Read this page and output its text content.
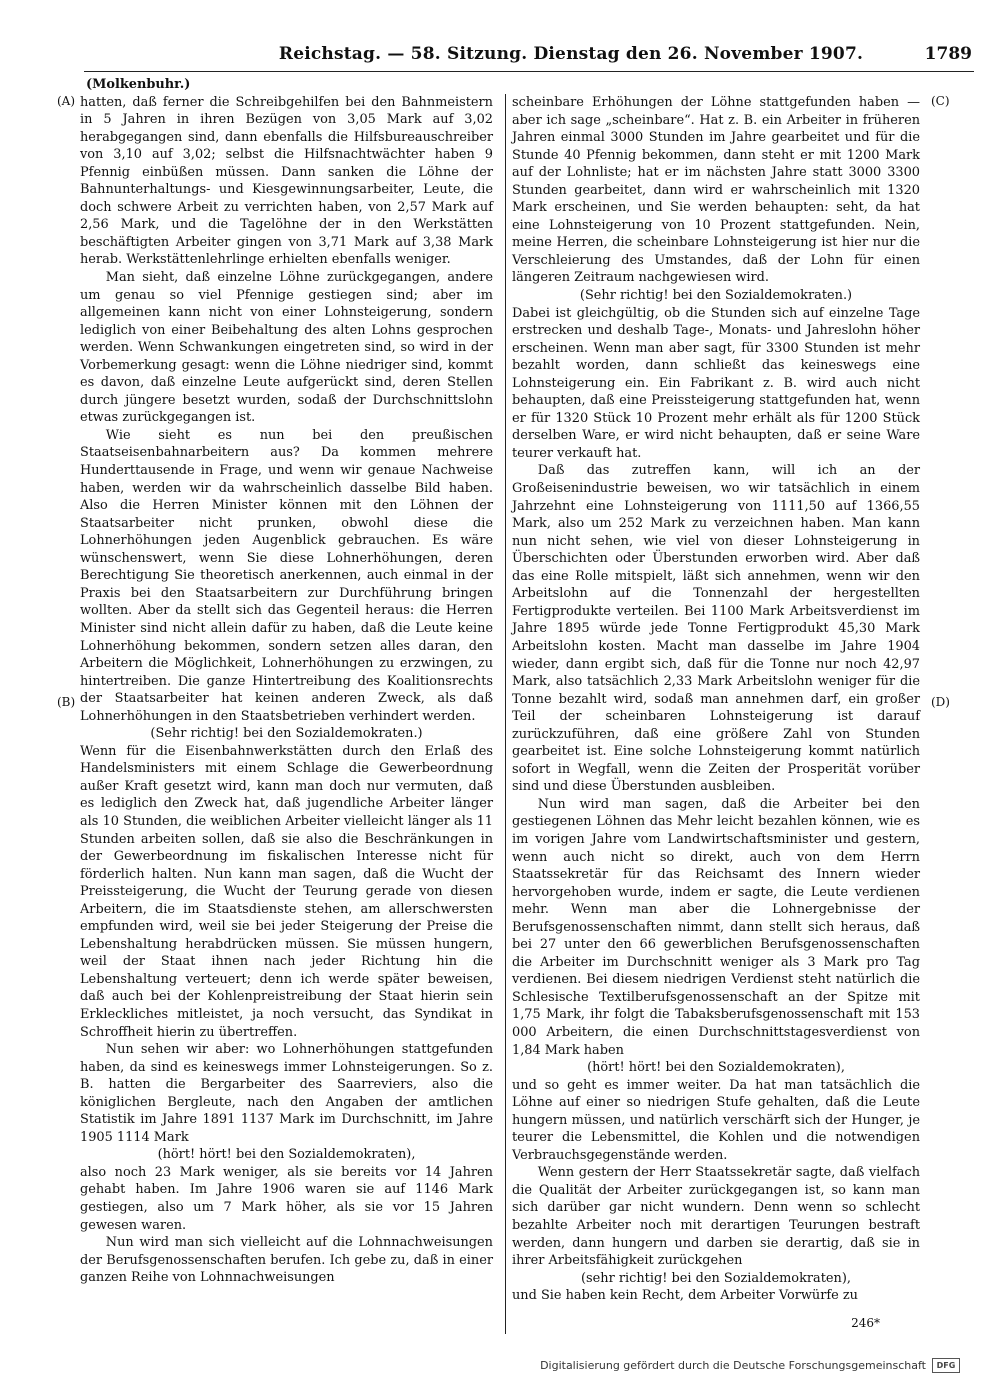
Reichstag. — 58. Sitzung. Dienstag den 26. November 1907.	1789
(A)
(B)
(C)
(D)

(Molkenbuhr.)

hatten, daß ferner die Schreibgehilfen bei den Bahnmeistern in 5 Jahren in ihren Bezügen von 3,05 Mark auf 3,02 herabgegangen sind, dann ebenfalls die Hilfsbureauschreiber von 3,10 auf 3,02; selbst die Hilfsnachtwächter haben 9 Pfennig einbüßen müssen. Dann sanken die Löhne der Bahnunterhaltungs- und Kiesgewinnungsarbeiter, Leute, die doch schwere Arbeit zu verrichten haben, von 2,57 Mark auf 2,56 Mark, und die Tagelöhne der in den Werkstätten beschäftigten Arbeiter gingen von 3,71 Mark auf 3,38 Mark herab. Werkstättenlehrlinge erhielten ebenfalls weniger.

Man sieht, daß einzelne Löhne zurückgegangen, andere um genau so viel Pfennige gestiegen sind; aber im allgemeinen kann nicht von einer Lohnsteigerung, sondern lediglich von einer Beibehaltung des alten Lohns gesprochen werden. Wenn Schwankungen eingetreten sind, so wird in der Vorbemerkung gesagt: wenn die Löhne niedriger sind, kommt es davon, daß einzelne Leute aufgerückt sind, deren Stellen durch jüngere besetzt wurden, sodaß der Durchschnittslohn etwas zurückgegangen ist.

Wie sieht es nun bei den preußischen Staatseisenbahnarbeitern aus? Da kommen mehrere Hunderttausende in Frage, und wenn wir genaue Nachweise haben, werden wir da wahrscheinlich dasselbe Bild haben. Also die Herren Minister können mit den Löhnen der Staatsarbeiter nicht prunken, obwohl diese die Lohnerhöhungen jeden Augenblick gebrauchen. Es wäre wünschenswert, wenn Sie diese Lohnerhöhungen, deren Berechtigung Sie theoretisch anerkennen, auch einmal in der Praxis bei den Staatsarbeitern zur Durchführung bringen wollten. Aber da stellt sich das Gegenteil heraus: die Herren Minister sind nicht allein dafür zu haben, daß die Leute keine Lohnerhöhung bekommen, sondern setzen alles daran, den Arbeitern die Möglichkeit, Lohnerhöhungen zu erzwingen, zu hintertreiben. Die ganze Hintertreibung des Koalitionsrechts der Staatsarbeiter hat keinen anderen Zweck, als daß Lohnerhöhungen in den Staatsbetrieben verhindert werden.

(Sehr richtig! bei den Sozialdemokraten.)

Wenn für die Eisenbahnwerkstätten durch den Erlaß des Handelsministers mit einem Schlage die Gewerbeordnung außer Kraft gesetzt wird, kann man doch nur vermuten, daß es lediglich den Zweck hat, daß jugendliche Arbeiter länger als 10 Stunden, die weiblichen Arbeiter vielleicht länger als 11 Stunden arbeiten sollen, daß sie also die Beschränkungen in der Gewerbeordnung im fiskalischen Interesse nicht für förderlich halten. Nun kann man sagen, daß die Wucht der Preissteigerung, die Wucht der Teurung gerade von diesen Arbeitern, die im Staatsdienste stehen, am allerschwersten empfunden wird, weil sie bei jeder Steigerung der Preise die Lebenshaltung herabdrücken müssen. Sie müssen hungern, weil der Staat ihnen nach jeder Richtung hin die Lebenshaltung verteuert; denn ich werde später beweisen, daß auch bei der Kohlenpreistreibung der Staat hierin sein Erkleckliches mitleistet, ja noch versucht, das Syndikat in Schroffheit hierin zu übertreffen.

Nun sehen wir aber: wo Lohnerhöhungen stattgefunden haben, da sind es keineswegs immer Lohnsteigerungen. So z. B. hatten die Bergarbeiter des Saarreviers, also die königlichen Bergleute, nach den Angaben der amtlichen Statistik im Jahre 1891 1137 Mark im Durchschnitt, im Jahre 1905 1114 Mark

(hört! hört! bei den Sozialdemokraten),

also noch 23 Mark weniger, als sie bereits vor 14 Jahren gehabt haben. Im Jahre 1906 waren sie auf 1146 Mark gestiegen, also um 7 Mark höher, als sie vor 15 Jahren gewesen waren.

Nun wird man sich vielleicht auf die Lohnnachweisungen der Berufsgenossenschaften berufen. Ich gebe zu, daß in einer ganzen Reihe von Lohnnachweisungen

scheinbare Erhöhungen der Löhne stattgefunden haben — aber ich sage „scheinbare“. Hat z. B. ein Arbeiter in früheren Jahren einmal 3000 Stunden im Jahre gearbeitet und für die Stunde 40 Pfennig bekommen, dann steht er mit 1200 Mark auf der Lohnliste; hat er im nächsten Jahre statt 3000 3300 Stunden gearbeitet, dann wird er wahrscheinlich mit 1320 Mark erscheinen, und Sie werden behaupten: seht, da hat eine Lohnsteigerung von 10 Prozent stattgefunden. Nein, meine Herren, die scheinbare Lohnsteigerung ist hier nur die Verschleierung des Umstandes, daß der Lohn für einen längeren Zeitraum nachgewiesen wird.

(Sehr richtig! bei den Sozialdemokraten.)

Dabei ist gleichgültig, ob die Stunden sich auf einzelne Tage erstrecken und deshalb Tage-, Monats- und Jahreslohn höher erscheinen. Wenn man aber sagt, für 3300 Stunden ist mehr bezahlt worden, dann schließt das keineswegs eine Lohnsteigerung ein. Ein Fabrikant z. B. wird auch nicht behaupten, daß eine Preissteigerung stattgefunden hat, wenn er für 1320 Stück 10 Prozent mehr erhält als für 1200 Stück derselben Ware, er wird nicht behaupten, daß er seine Ware teurer verkauft hat.

Daß das zutreffen kann, will ich an der Großeisenindustrie beweisen, wo wir tatsächlich in einem Jahrzehnt eine Lohnsteigerung von 1111,50 auf 1366,55 Mark, also um 252 Mark zu verzeichnen haben. Man kann nun nicht sehen, wie viel von dieser Lohnsteigerung in Überschichten oder Überstunden erworben wird. Aber daß das eine Rolle mitspielt, läßt sich annehmen, wenn wir den Arbeitslohn auf die Tonnenzahl der hergestellten Fertigprodukte verteilen. Bei 1100 Mark Arbeitsverdienst im Jahre 1895 würde jede Tonne Fertigprodukt 45,30 Mark Arbeitslohn kosten. Macht man dasselbe im Jahre 1904 wieder, dann ergibt sich, daß für die Tonne nur noch 42,97 Mark, also tatsächlich 2,33 Mark Arbeitslohn weniger für die Tonne bezahlt wird, sodaß man annehmen darf, ein großer Teil der scheinbaren Lohnsteigerung ist darauf zurückzuführen, daß eine größere Zahl von Stunden gearbeitet ist. Eine solche Lohnsteigerung kommt natürlich sofort in Wegfall, wenn die Zeiten der Prosperität vorüber sind und diese Überstunden ausbleiben.

Nun wird man sagen, daß die Arbeiter bei den gestiegenen Löhnen das Mehr leicht bezahlen können, wie es im vorigen Jahre vom Landwirtschaftsminister und gestern, wenn auch nicht so direkt, auch von dem Herrn Staatssekretär für das Reichsamt des Innern wieder hervorgehoben wurde, indem er sagte, die Leute verdienen mehr. Wenn man aber die Lohnergebnisse der Berufsgenossenschaften nimmt, dann stellt sich heraus, daß bei 27 unter den 66 gewerblichen Berufsgenossenschaften die Arbeiter im Durchschnitt weniger als 3 Mark pro Tag verdienen. Bei diesem niedrigen Verdienst steht natürlich die Schlesische Textilberufsgenossenschaft an der Spitze mit 1,75 Mark, ihr folgt die Tabaksberufsgenossenschaft mit 153 000 Arbeitern, die einen Durchschnittstagesverdienst von 1,84 Mark haben

(hört! hört! bei den Sozialdemokraten),

und so geht es immer weiter. Da hat man tatsächlich die Löhne auf einer so niedrigen Stufe gehalten, daß die Leute hungern müssen, und natürlich verschärft sich der Hunger, je teurer die Lebensmittel, die Kohlen und die notwendigen Verbrauchsgegenstände werden.

Wenn gestern der Herr Staatssekretär sagte, daß vielfach die Qualität der Arbeiter zurückgegangen ist, so kann man sich darüber gar nicht wundern. Denn wenn so schlecht bezahlte Arbeiter noch mit derartigen Teurungen bestraft werden, dann hungern und darben sie derartig, daß sie in ihrer Arbeitsfähigkeit zurückgehen

(sehr richtig! bei den Sozialdemokraten),

und Sie haben kein Recht, dem Arbeiter Vorwürfe zu

246*
Digitalisierung gefördert durch die Deutsche Forschungsgemeinschaft	DFG
